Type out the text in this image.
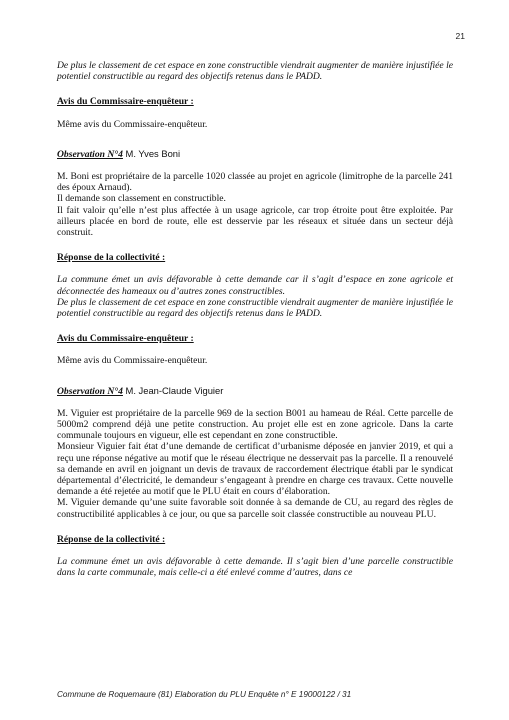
21

De plus le classement de cet espace en zone constructible viendrait augmenter de manière injustifiée le potentiel constructible au regard des objectifs retenus dans le PADD.

Avis du Commissaire-enquêteur :

Même avis du Commissaire-enquêteur.

Observation N°4 M. Yves Boni

M. Boni est propriétaire de la parcelle 1020 classée au projet en agricole (limitrophe de la parcelle 241 des époux Arnaud).

Il demande son classement en constructible.

Il fait valoir qu’elle n’est plus affectée à un usage agricole, car trop étroite pout être exploitée. Par ailleurs placée en bord de route, elle est desservie par les réseaux et située dans un secteur déjà construit.

Réponse de la collectivité :

La commune émet un avis défavorable à cette demande car il s’agit d’espace en zone agricole et déconnectée des hameaux ou d’autres zones constructibles.

De plus le classement de cet espace en zone constructible viendrait augmenter de manière injustifiée le potentiel constructible au regard des objectifs retenus dans le PADD.

Avis du Commissaire-enquêteur :

Même avis du Commissaire-enquêteur.

Observation N°4 M. Jean-Claude Viguier

M. Viguier est propriétaire de la parcelle 969 de la section B001 au hameau de Réal. Cette parcelle de 5000m2 comprend déjà une petite construction. Au projet elle est en zone agricole. Dans la carte communale toujours en vigueur, elle est cependant en zone constructible.

Monsieur Viguier fait état d’une demande de certificat d’urbanisme déposée en janvier 2019, et qui a reçu une réponse négative au motif que le réseau électrique ne desservait pas la parcelle. Il a renouvelé sa demande en avril en joignant un devis de travaux de raccordement électrique établi par le syndicat départemental d’électricité, le demandeur s’engageant à prendre en charge ces travaux. Cette nouvelle demande a été rejetée au motif que le PLU était en cours d’élaboration.

M. Viguier demande qu’une suite favorable soit donnée à sa demande de CU, au regard des règles de constructibilité applicables à ce jour, ou que sa parcelle soit classée constructible au nouveau PLU.

Réponse de la collectivité :

La commune émet un avis défavorable à cette demande. Il s’agit bien d’une parcelle constructible dans la carte communale, mais celle-ci a été enlevé comme d’autres, dans ce

Commune de Roquemaure (81) Elaboration du PLU Enquête n° E 19000122 / 31
